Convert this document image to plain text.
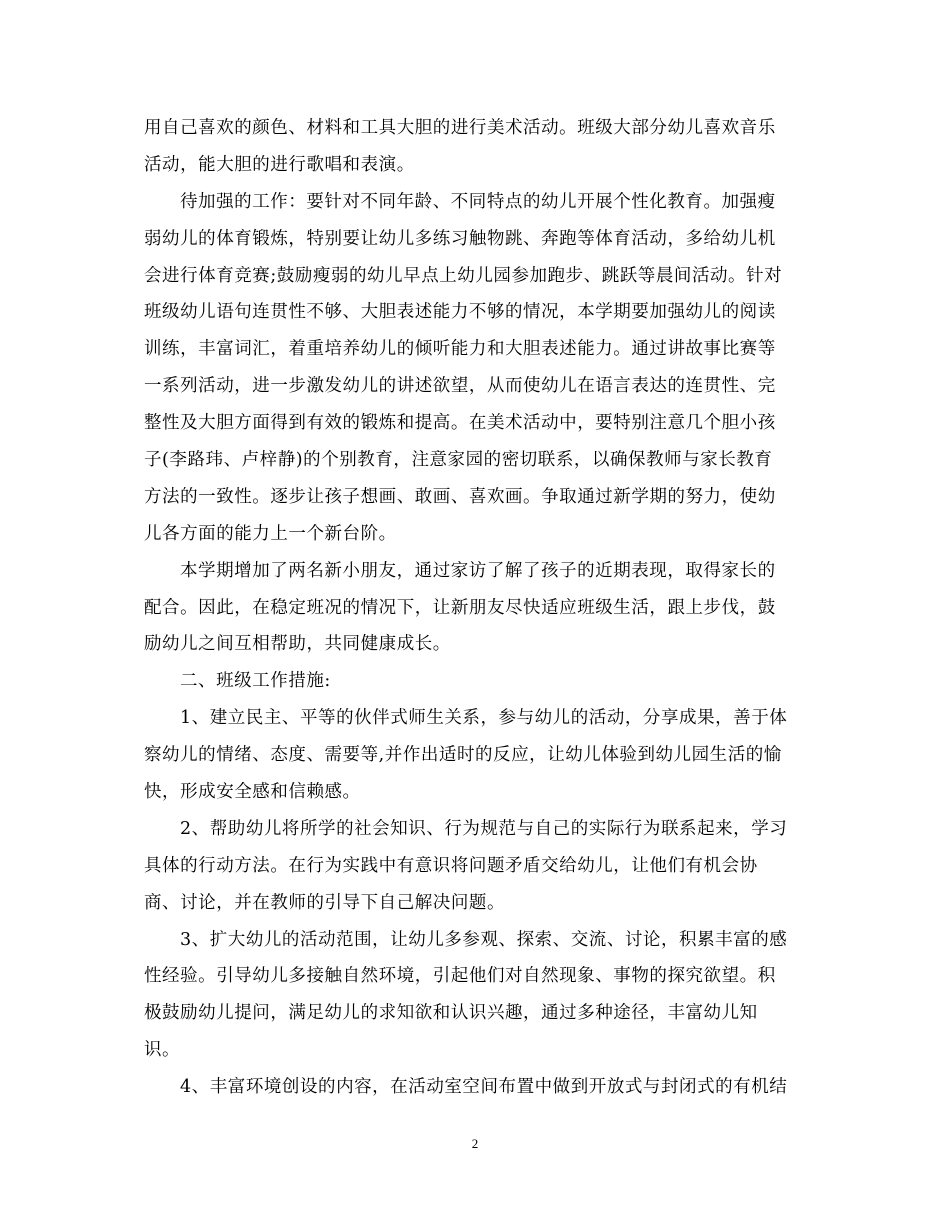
用自己喜欢的颜色、材料和工具大胆的进行美术活动。班级大部分幼儿喜欢音乐
活动，能大胆的进行歌唱和表演。
待加强的工作：要针对不同年龄、不同特点的幼儿开展个性化教育。加强瘦
弱幼儿的体育锻炼，特别要让幼儿多练习触物跳、奔跑等体育活动，多给幼儿机
会进行体育竞赛;鼓励瘦弱的幼儿早点上幼儿园参加跑步、跳跃等晨间活动。针对
班级幼儿语句连贯性不够、大胆表述能力不够的情况，本学期要加强幼儿的阅读
训练，丰富词汇，着重培养幼儿的倾听能力和大胆表述能力。通过讲故事比赛等
一系列活动，进一步激发幼儿的讲述欲望，从而使幼儿在语言表达的连贯性、完
整性及大胆方面得到有效的锻炼和提高。在美术活动中，要特别注意几个胆小孩
子(李路玮、卢梓静)的个别教育，注意家园的密切联系，以确保教师与家长教育
方法的一致性。逐步让孩子想画、敢画、喜欢画。争取通过新学期的努力，使幼
儿各方面的能力上一个新台阶。
本学期增加了两名新小朋友，通过家访了解了孩子的近期表现，取得家长的
配合。因此，在稳定班况的情况下，让新朋友尽快适应班级生活，跟上步伐，鼓
励幼儿之间互相帮助，共同健康成长。
二、班级工作措施:
1、建立民主、平等的伙伴式师生关系，参与幼儿的活动，分享成果，善于体
察幼儿的情绪、态度、需要等,并作出适时的反应，让幼儿体验到幼儿园生活的愉
快，形成安全感和信赖感。
2、帮助幼儿将所学的社会知识、行为规范与自己的实际行为联系起来，学习
具体的行动方法。在行为实践中有意识将问题矛盾交给幼儿，让他们有机会协
商、讨论，并在教师的引导下自己解决问题。
3、扩大幼儿的活动范围，让幼儿多参观、探索、交流、讨论，积累丰富的感
性经验。引导幼儿多接触自然环境，引起他们对自然现象、事物的探究欲望。积
极鼓励幼儿提问，满足幼儿的求知欲和认识兴趣，通过多种途径，丰富幼儿知
识。
4、丰富环境创设的内容，在活动室空间布置中做到开放式与封闭式的有机结
2
